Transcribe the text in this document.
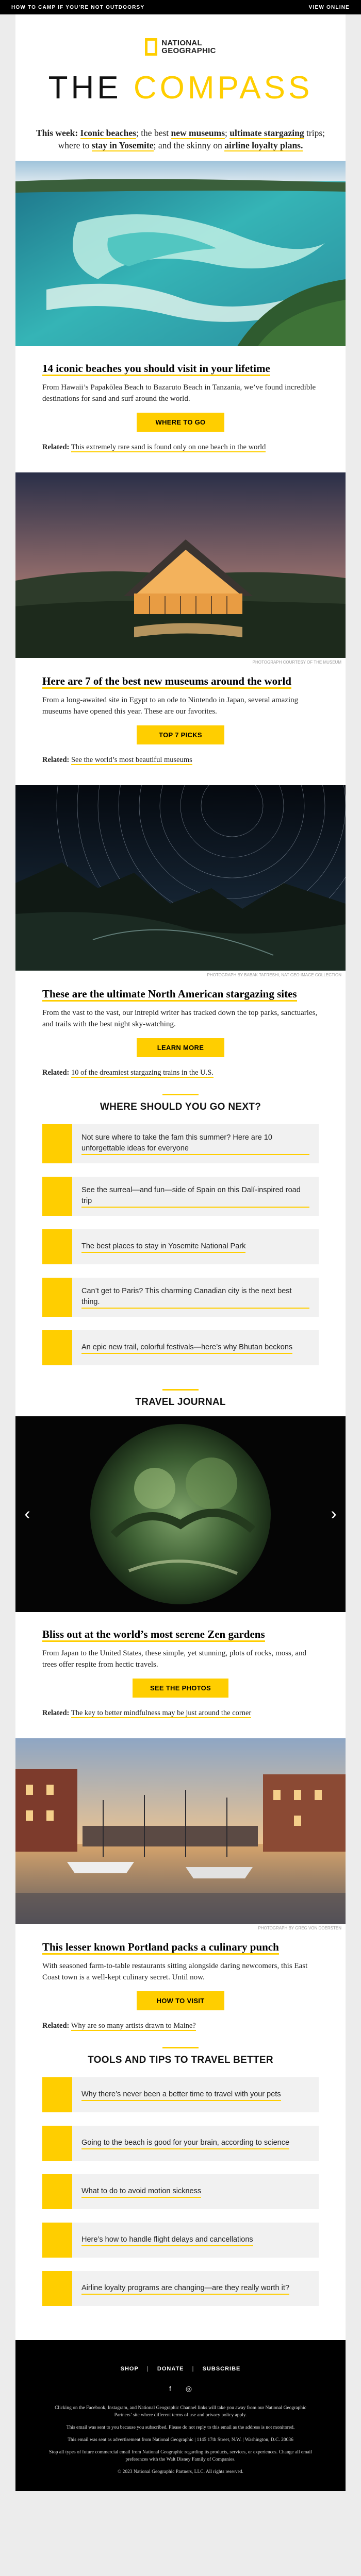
HOW TO CAMP IF YOU'RE NOT OUTDOORSY	VIEW ONLINE
NATIONAL
GEOGRAPHIC
THE COMPASS
This week: Iconic beaches; the best new museums; ultimate stargazing trips; where to stay in Yosemite; and the skinny on airline loyalty plans.
14 iconic beaches you should visit in your lifetime

From Hawaii’s Papakōlea Beach to Bazaruto Beach in Tanzania, we’ve found incredible destinations for sand and surf around the world.

WHERE TO GO

Related: This extremely rare sand is found only on one beach in the world

PHOTOGRAPH COURTESY OF THE MUSEUM
Here are 7 of the best new museums around the world

From a long-awaited site in Egypt to an ode to Nintendo in Japan, several amazing museums have opened this year. These are our favorites.

TOP 7 PICKS

Related: See the world’s most beautiful museums

PHOTOGRAPH BY BABAK TAFRESHI, NAT GEO IMAGE COLLECTION
These are the ultimate North American stargazing sites

From the vast to the vast, our intrepid writer has tracked down the top parks, sanctuaries, and trails with the best night sky-watching.

LEARN MORE

Related: 10 of the dreamiest stargazing trains in the U.S.

WHERE SHOULD YOU GO NEXT?
Not sure where to take the fam this summer? Here are 10 unforgettable ideas for everyone
See the surreal—and fun—side of Spain on this Dalí-inspired road trip
The best places to stay in Yosemite National Park
Can’t get to Paris? This charming Canadian city is the next best thing.
An epic new trail, colorful festivals—here’s why Bhutan beckons
TRAVEL JOURNAL
‹	›
Bliss out at the world’s most serene Zen gardens

From Japan to the United States, these simple, yet stunning, plots of rocks, moss, and trees offer respite from hectic travels.

SEE THE PHOTOS

Related: The key to better mindfulness may be just around the corner

PHOTOGRAPH BY GREG VON DOERSTEN
This lesser known Portland packs a culinary punch

With seasoned farm-to-table restaurants sitting alongside daring newcomers, this East Coast town is a well-kept culinary secret. Until now.

HOW TO VISIT

Related: Why are so many artists drawn to Maine?

TOOLS AND TIPS TO TRAVEL BETTER
Why there’s never been a better time to travel with your pets
Going to the beach is good for your brain, according to science
What to do to avoid motion sickness
Here’s how to handle flight delays and cancellations
Airline loyalty programs are changing—are they really worth it?
SHOP | DONATE | SUBSCRIBE
f ◎

Clicking on the Facebook, Instagram, and National Geographic Channel links will take you away from our National Geographic Partners’ site where different terms of use and privacy policy apply.

This email was sent to you because you subscribed. Please do not reply to this email as the address is not monitored.

This email was sent as advertisement from National Geographic | 1145 17th Street, N.W. | Washington, D.C. 20036

Stop all types of future commercial email from National Geographic regarding its products, services, or experiences. Change all email preferences with the Walt Disney Family of Companies.

© 2023 National Geographic Partners, LLC. All rights reserved.
